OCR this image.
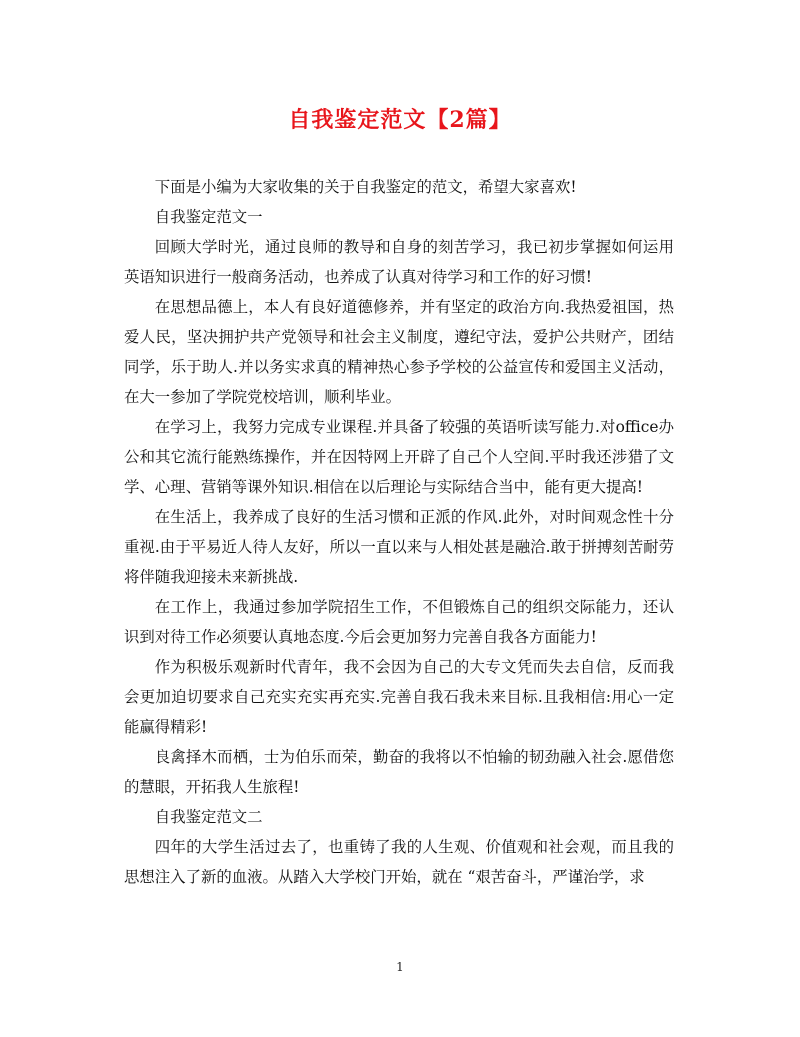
自我鉴定范文【2篇】

下面是小编为大家收集的关于自我鉴定的范文，希望大家喜欢!

自我鉴定范文一

回顾大学时光，通过良师的教导和自身的刻苦学习，我已初步掌握如何运用英语知识进行一般商务活动，也养成了认真对待学习和工作的好习惯!

在思想品德上，本人有良好道德修养，并有坚定的政治方向.我热爱祖国，热爱人民，坚决拥护共产党领导和社会主义制度，遵纪守法，爱护公共财产，团结同学，乐于助人.并以务实求真的精神热心参予学校的公益宣传和爱国主义活动，在大一参加了学院党校培训，顺利毕业。

在学习上，我努力完成专业课程.并具备了较强的英语听读写能力.对office办公和其它流行能熟练操作，并在因特网上开辟了自己个人空间.平时我还涉猎了文学、心理、营销等课外知识.相信在以后理论与实际结合当中，能有更大提高!

在生活上，我养成了良好的生活习惯和正派的作风.此外，对时间观念性十分重视.由于平易近人待人友好，所以一直以来与人相处甚是融洽.敢于拼搏刻苦耐劳将伴随我迎接未来新挑战.

在工作上，我通过参加学院招生工作，不但锻炼自己的组织交际能力，还认识到对待工作必须要认真地态度.今后会更加努力完善自我各方面能力!

作为积极乐观新时代青年，我不会因为自己的大专文凭而失去自信，反而我会更加迫切要求自己充实充实再充实.完善自我石我未来目标.且我相信:用心一定能赢得精彩!

良禽择木而栖，士为伯乐而荣，勤奋的我将以不怕输的韧劲融入社会.愿借您的慧眼，开拓我人生旅程!

自我鉴定范文二

四年的大学生活过去了，也重铸了我的人生观、价值观和社会观，而且我的思想注入了新的血液。从踏入大学校门开始，就在 “艰苦奋斗，严谨治学，求

1
